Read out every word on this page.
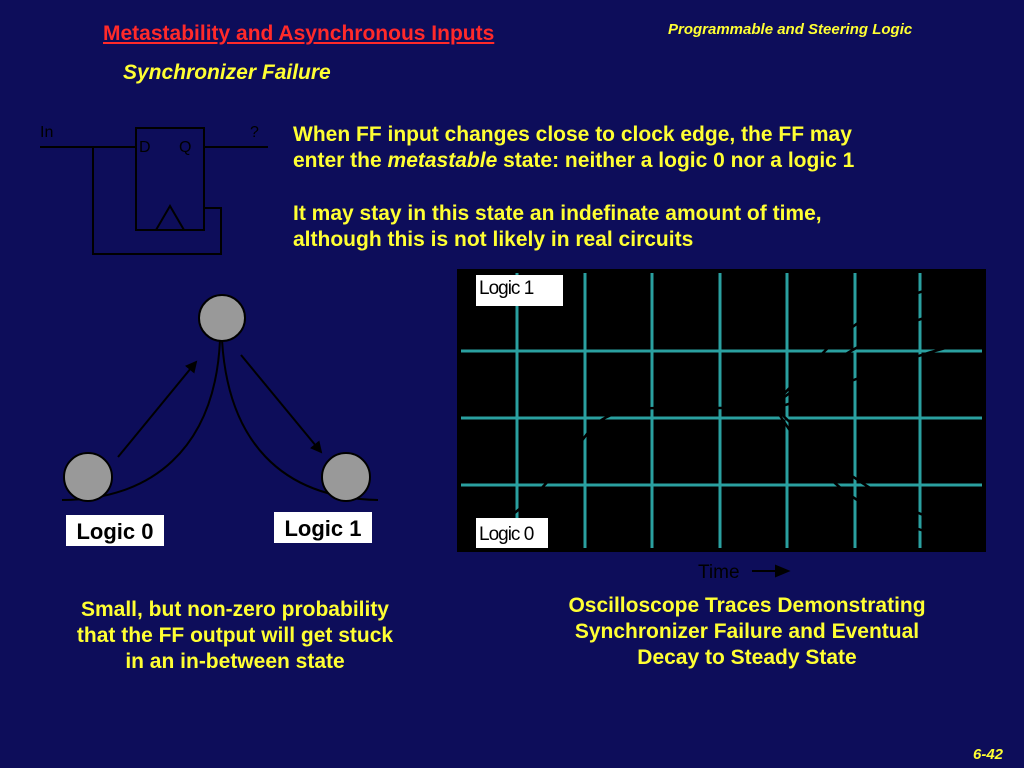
Metastability and Asynchronous Inputs	Programmable and Steering Logic
Synchronizer Failure
When FF input changes close to clock edge, the FF may
enter the metastable state: neither a logic 0 nor a logic 1
It may stay in this state an indefinate amount of time,
although this is not likely in real circuits
In	?
D Q
Logic 0	Logic 1
Logic 1
Logic 0
Time
Small, but non-zero probability
that the FF output will get stuck
in an in-between state
Oscilloscope Traces Demonstrating
Synchronizer Failure and Eventual
Decay to Steady State
6-42
